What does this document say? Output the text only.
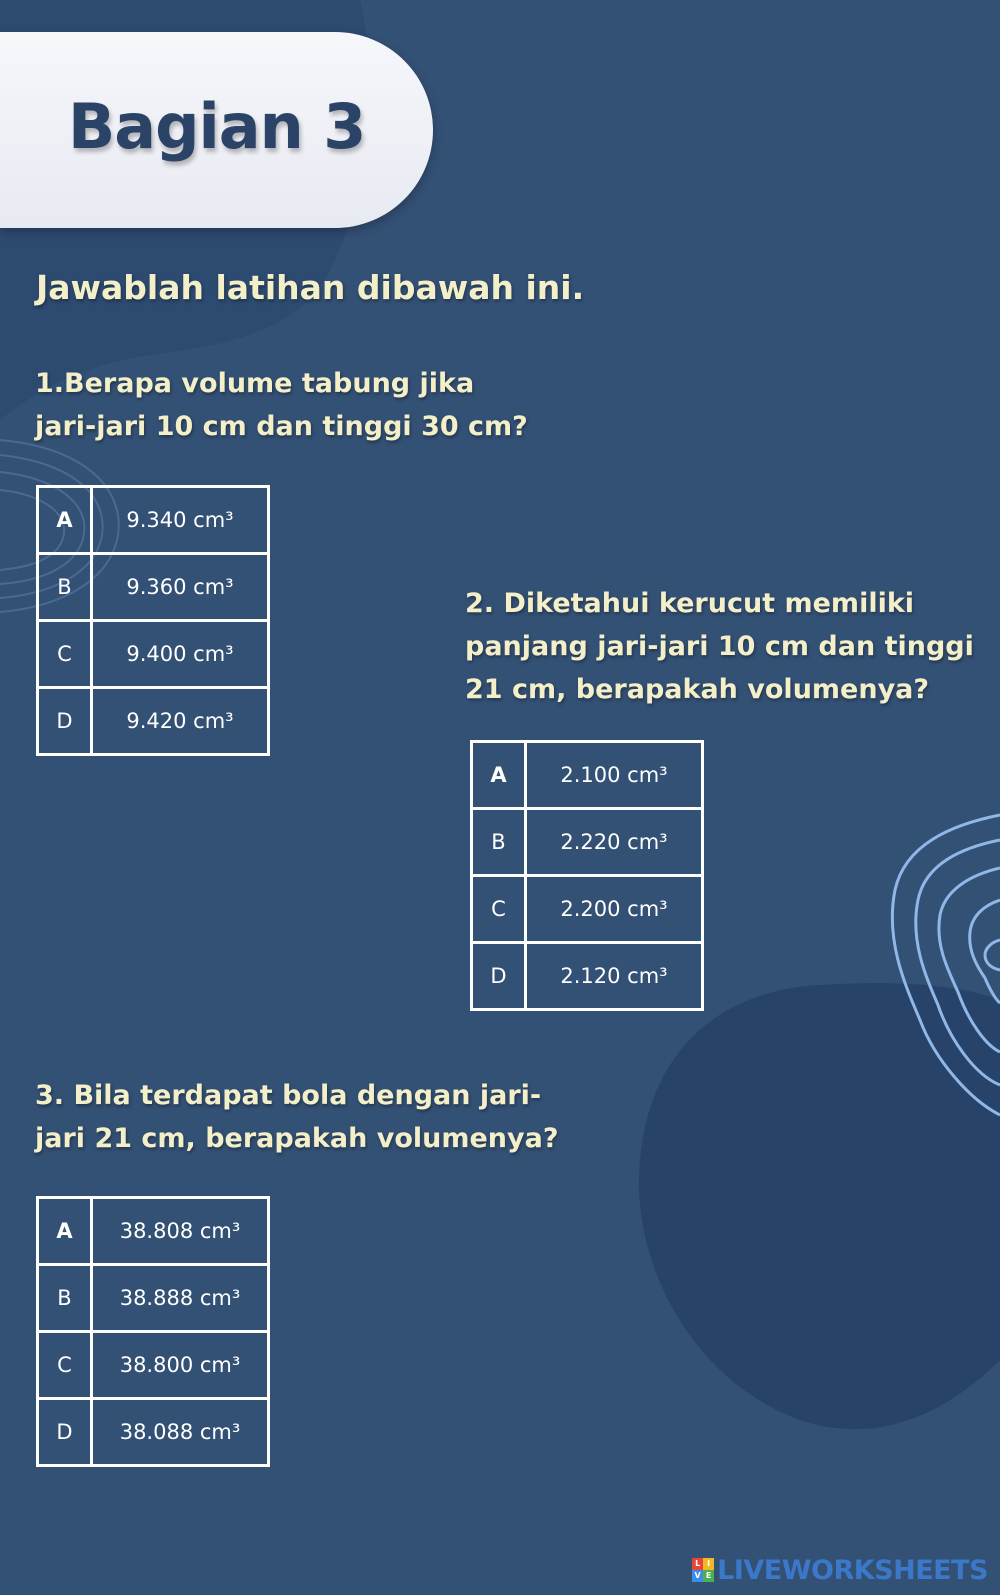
Bagian 3

Jawablah latihan dibawah ini.

1.Berapa volume tabung jika
jari-jari 10 cm dan tinggi 30 cm?
A	9.340 cm³
B	9.360 cm³
C	9.400 cm³
D	9.420 cm³
2. Diketahui kerucut memiliki
panjang jari-jari 10 cm dan tinggi
21 cm, berapakah volumenya?
A	2.100 cm³
B	2.220 cm³
C	2.200 cm³
D	2.120 cm³
3. Bila terdapat bola dengan jari-
jari 21 cm, berapakah volumenya?
A	38.808 cm³
B	38.888 cm³
C	38.800 cm³
D	38.088 cm³
L I
V E LIVEWORKSHEETS
